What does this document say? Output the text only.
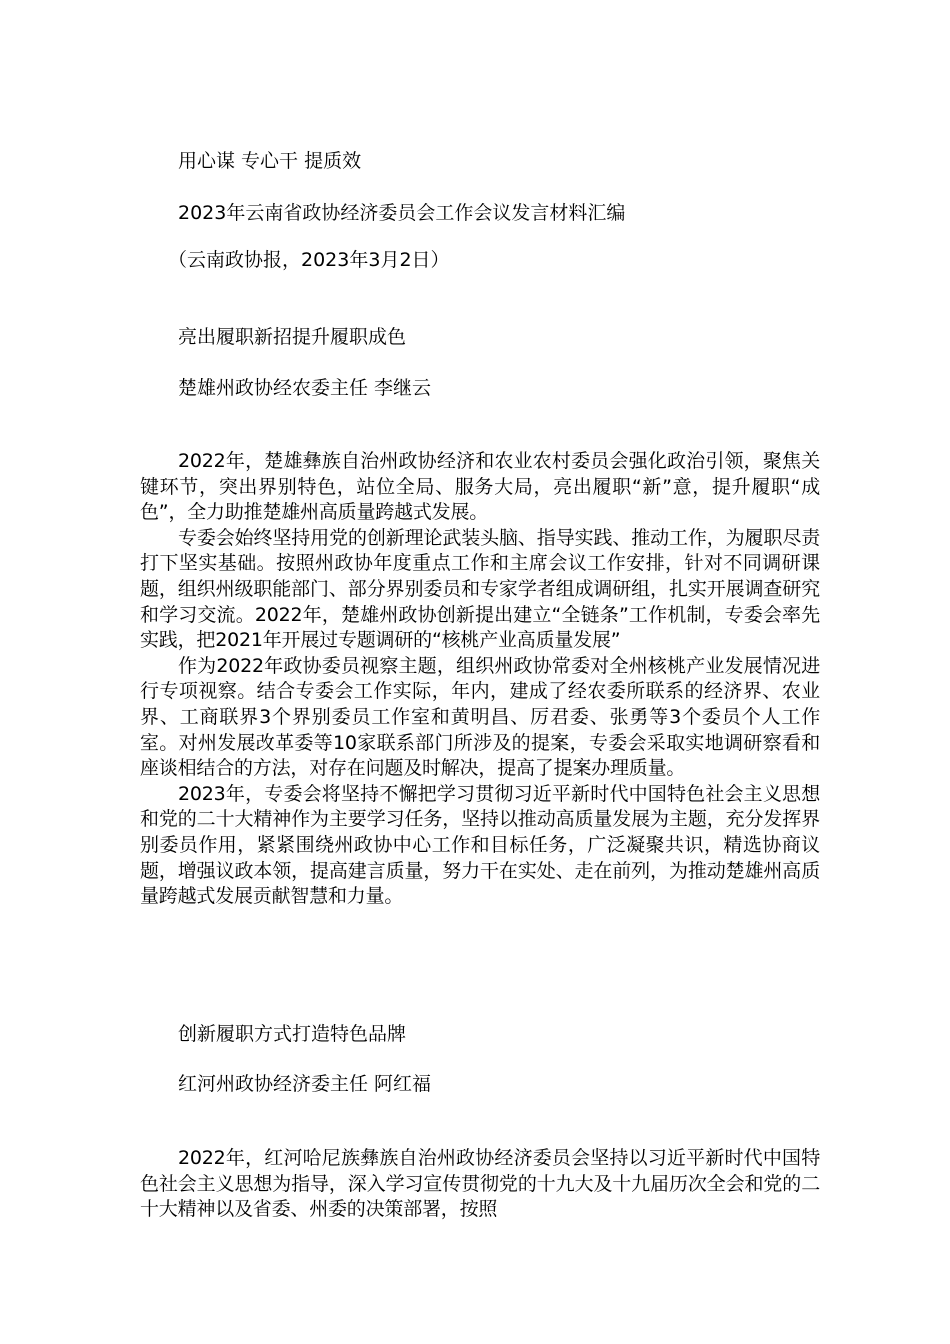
用心谋 专心干 提质效
2023年云南省政协经济委员会工作会议发言材料汇编
（云南政协报，2023年3月2日）
亮出履职新招提升履职成色
楚雄州政协经农委主任 李继云

2022年，楚雄彝族自治州政协经济和农业农村委员会强化政治引领，聚焦关键环节，突出界别特色，站位全局、服务大局，亮出履职“新”意，提升履职“成色”，全力助推楚雄州高质量跨越式发展。

专委会始终坚持用党的创新理论武装头脑、指导实践、推动工作，为履职尽责打下坚实基础。按照州政协年度重点工作和主席会议工作安排，针对不同调研课题，组织州级职能部门、部分界别委员和专家学者组成调研组，扎实开展调查研究和学习交流。2022年，楚雄州政协创新提出建立“全链条”工作机制，专委会率先实践，把2021年开展过专题调研的“核桃产业高质量发展”

作为2022年政协委员视察主题，组织州政协常委对全州核桃产业发展情况进行专项视察。结合专委会工作实际，年内，建成了经农委所联系的经济界、农业界、工商联界3个界别委员工作室和黄明昌、厉君委、张勇等3个委员个人工作室。对州发展改革委等10家联系部门所涉及的提案，专委会采取实地调研察看和座谈相结合的方法，对存在问题及时解决，提高了提案办理质量。

2023年，专委会将坚持不懈把学习贯彻习近平新时代中国特色社会主义思想和党的二十大精神作为主要学习任务，坚持以推动高质量发展为主题，充分发挥界别委员作用，紧紧围绕州政协中心工作和目标任务，广泛凝聚共识，精选协商议题，增强议政本领，提高建言质量，努力干在实处、走在前列，为推动楚雄州高质量跨越式发展贡献智慧和力量。

创新履职方式打造特色品牌
红河州政协经济委主任 阿红福

2022年，红河哈尼族彝族自治州政协经济委员会坚持以习近平新时代中国特色社会主义思想为指导，深入学习宣传贯彻党的十九大及十九届历次全会和党的二十大精神以及省委、州委的决策部署，按照
